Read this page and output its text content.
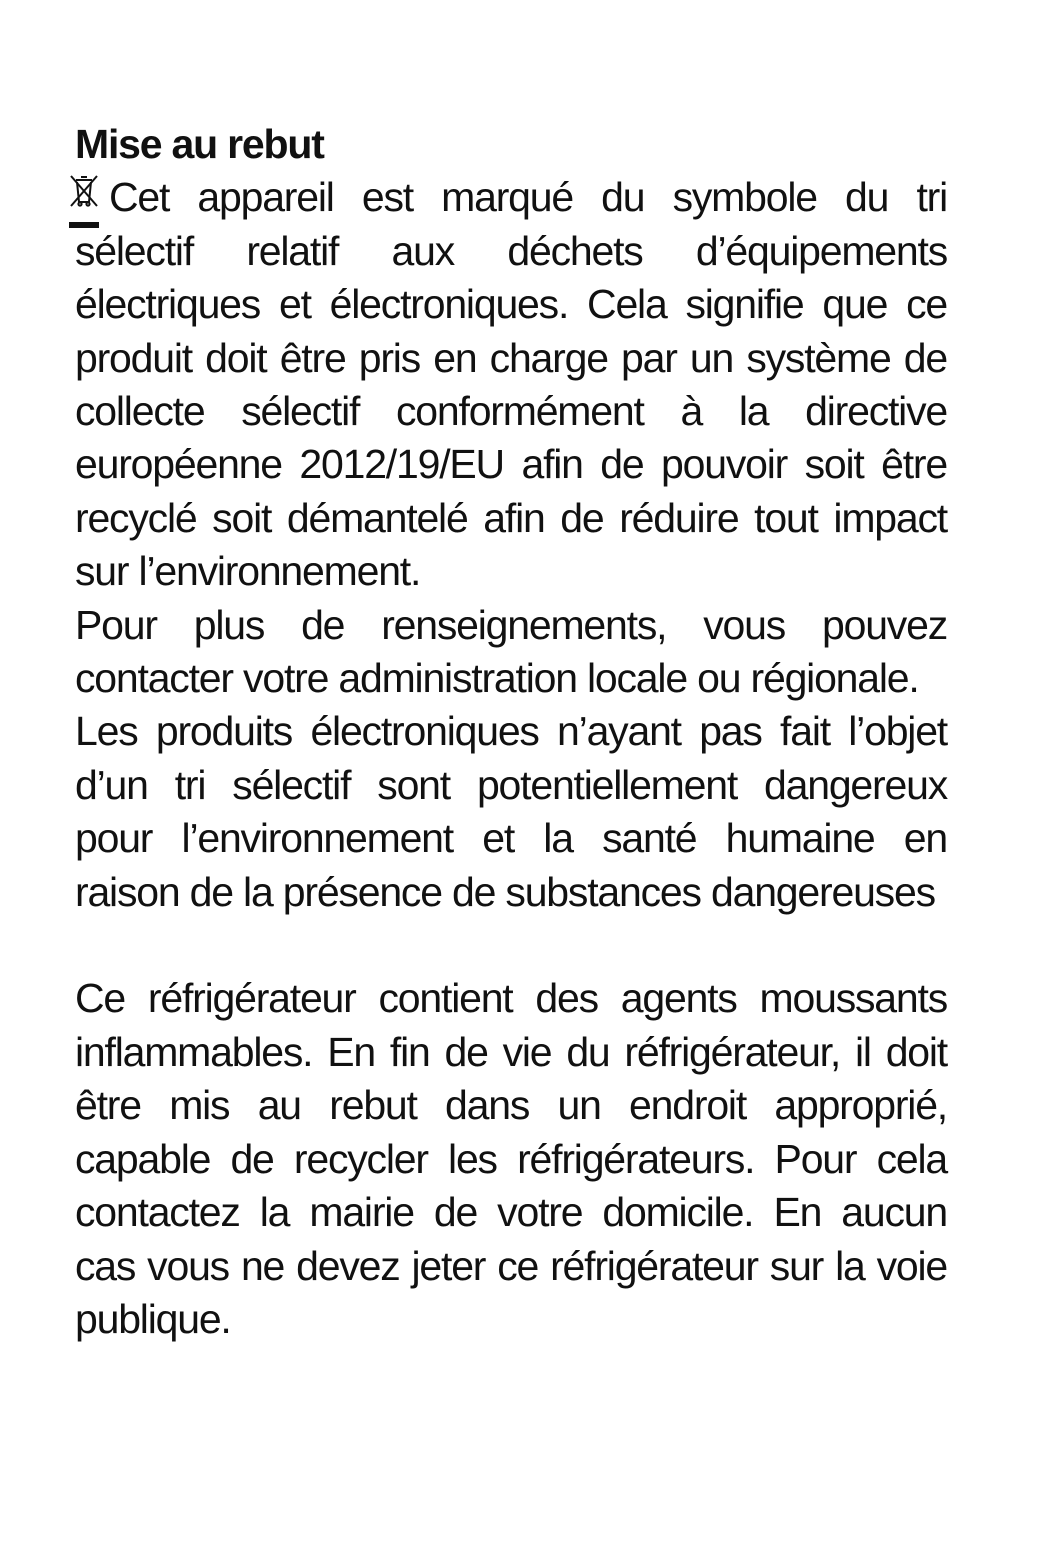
Mise au rebut

Cet appareil est marqué du symbole du tri sélectif relatif aux déchets d’équipements électriques et électroniques. Cela signifie que ce produit doit être pris en charge par un système de collecte sélectif conformément à la directive européenne 2012/19/EU afin de pouvoir soit être recyclé soit démantelé afin de réduire tout impact sur l’environnement.

Pour plus de renseignements, vous pouvez contacter votre administration locale ou régionale.

Les produits électroniques n’ayant pas fait l’objet d’un tri sélectif sont potentiellement dangereux pour l’environnement et la santé humaine en raison de la présence de substances dangereuses

Ce réfrigérateur contient des agents moussants inflammables. En fin de vie du réfrigérateur, il doit être mis au rebut dans un endroit approprié, capable de recycler les réfrigérateurs. Pour cela contactez la mairie de votre domicile. En aucun cas vous ne devez jeter ce réfrigérateur sur la voie publique.
